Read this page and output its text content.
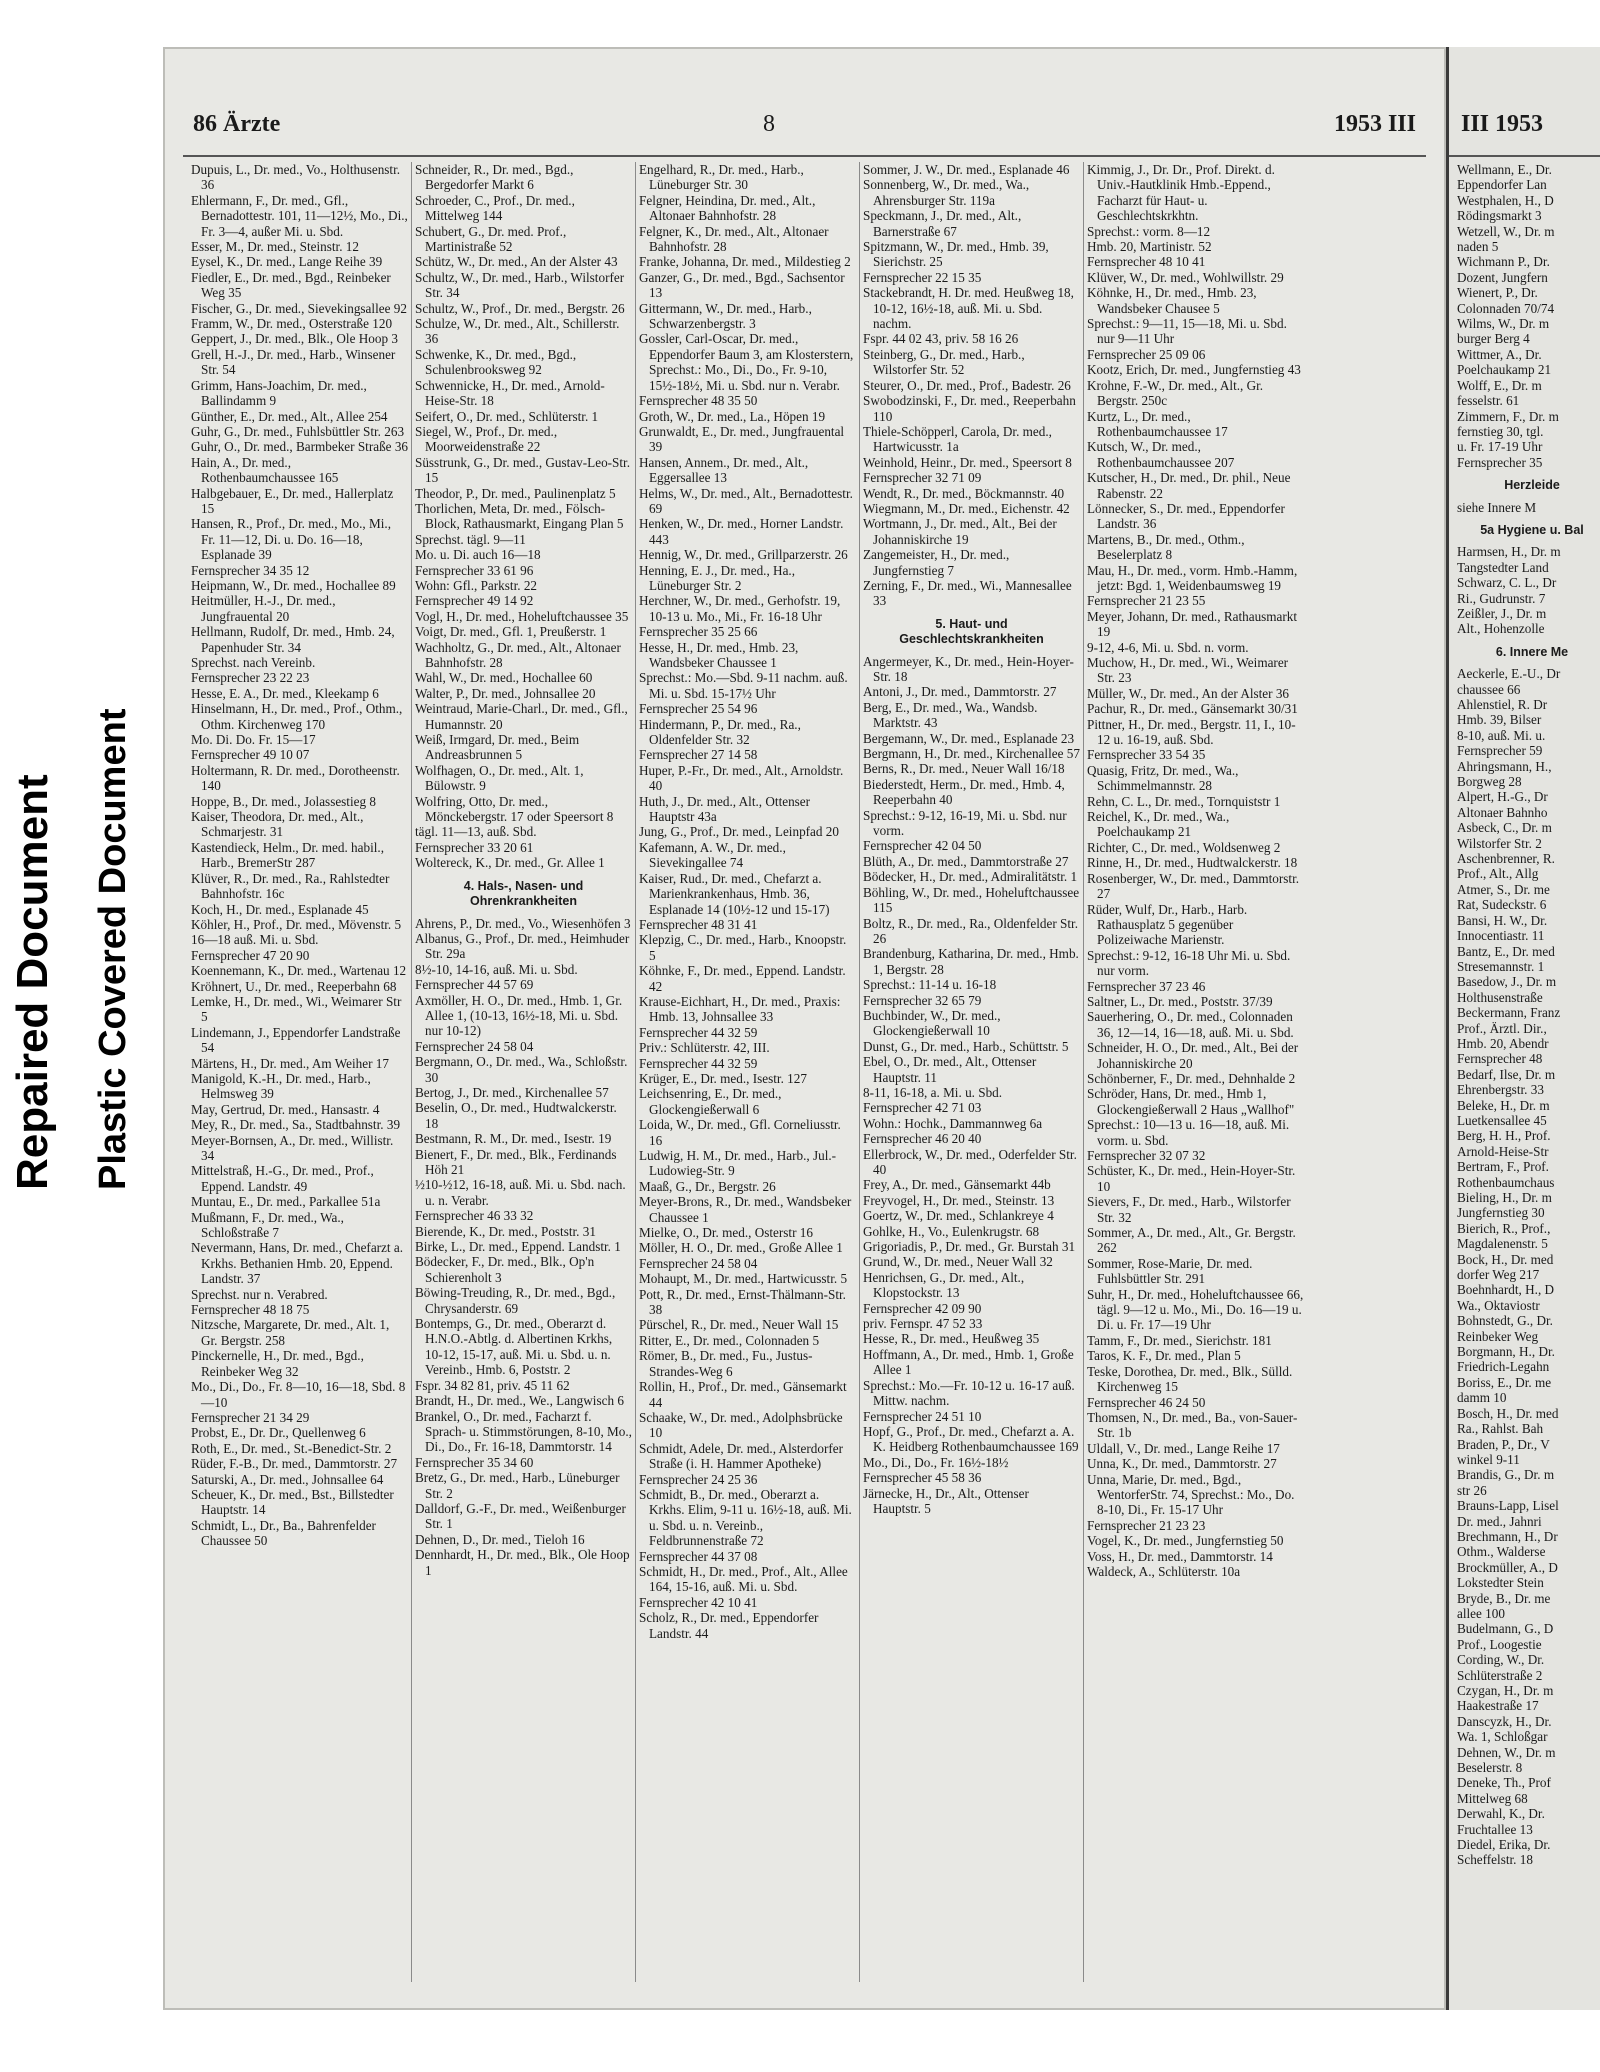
Repaired Document Plastic Covered Document
86 Ärzte	8	1953 III
Dupuis, L., Dr. med., Vo., Holthusenstr. 36
Ehlermann, F., Dr. med., Gfl., Bernadottestr. 101, 11—12½, Mo., Di., Fr. 3—4, außer Mi. u. Sbd.
Esser, M., Dr. med., Steinstr. 12
Eysel, K., Dr. med., Lange Reihe 39
Fiedler, E., Dr. med., Bgd., Reinbeker Weg 35
Fischer, G., Dr. med., Sievekingsallee 92
Framm, W., Dr. med., Osterstraße 120
Geppert, J., Dr. med., Blk., Ole Hoop 3
Grell, H.-J., Dr. med., Harb., Winsener Str. 54
Grimm, Hans-Joachim, Dr. med., Ballindamm 9
Günther, E., Dr. med., Alt., Allee 254
Guhr, G., Dr. med., Fuhlsbüttler Str. 263
Guhr, O., Dr. med., Barmbeker Straße 36
Hain, A., Dr. med., Rothenbaumchaussee 165
Halbgebauer, E., Dr. med., Hallerplatz 15
Hansen, R., Prof., Dr. med., Mo., Mi., Fr. 11—12, Di. u. Do. 16—18, Esplanade 39
Fernsprecher 34 35 12
Heipmann, W., Dr. med., Hochallee 89
Heitmüller, H.-J., Dr. med., Jungfrauental 20
Hellmann, Rudolf, Dr. med., Hmb. 24, Papenhuder Str. 34
Sprechst. nach Vereinb.
Fernsprecher 23 22 23
Hesse, E. A., Dr. med., Kleekamp 6
Hinselmann, H., Dr. med., Prof., Othm., Othm. Kirchenweg 170
Mo. Di. Do. Fr. 15—17
Fernsprecher 49 10 07
Holtermann, R. Dr. med., Dorotheenstr. 140
Hoppe, B., Dr. med., Jolassestieg 8
Kaiser, Theodora, Dr. med., Alt., Schmarjestr. 31
Kastendieck, Helm., Dr. med. habil., Harb., BremerStr 287
Klüver, R., Dr. med., Ra., Rahlstedter Bahnhofstr. 16c
Koch, H., Dr. med., Esplanade 45
Köhler, H., Prof., Dr. med., Mövenstr. 5
16—18 auß. Mi. u. Sbd.
Fernsprecher 47 20 90
Koennemann, K., Dr. med., Wartenau 12
Kröhnert, U., Dr. med., Reeperbahn 68
Lemke, H., Dr. med., Wi., Weimarer Str 5
Lindemann, J., Eppendorfer Landstraße 54
Märtens, H., Dr. med., Am Weiher 17
Manigold, K.-H., Dr. med., Harb., Helmsweg 39
May, Gertrud, Dr. med., Hansastr. 4
Mey, R., Dr. med., Sa., Stadtbahnstr. 39
Meyer-Bornsen, A., Dr. med., Willistr. 34
Mittelstraß, H.-G., Dr. med., Prof., Eppend. Landstr. 49
Muntau, E., Dr. med., Parkallee 51a
Mußmann, F., Dr. med., Wa., Schloßstraße 7
Nevermann, Hans, Dr. med., Chefarzt a. Krkhs. Bethanien Hmb. 20, Eppend. Landstr. 37
Sprechst. nur n. Verabred.
Fernsprecher 48 18 75
Nitzsche, Margarete, Dr. med., Alt. 1, Gr. Bergstr. 258
Pinckernelle, H., Dr. med., Bgd., Reinbeker Weg 32
Mo., Di., Do., Fr. 8—10, 16—18, Sbd. 8—10
Fernsprecher 21 34 29
Probst, E., Dr. Dr., Quellenweg 6
Roth, E., Dr. med., St.-Benedict-Str. 2
Rüder, F.-B., Dr. med., Dammtorstr. 27
Saturski, A., Dr. med., Johnsallee 64
Scheuer, K., Dr. med., Bst., Billstedter Hauptstr. 14
Schmidt, L., Dr., Ba., Bahrenfelder Chaussee 50
Schneider, R., Dr. med., Bgd., Bergedorfer Markt 6
Schroeder, C., Prof., Dr. med., Mittelweg 144
Schubert, G., Dr. med. Prof., Martinistraße 52
Schütz, W., Dr. med., An der Alster 43
Schultz, W., Dr. med., Harb., Wilstorfer Str. 34
Schultz, W., Prof., Dr. med., Bergstr. 26
Schulze, W., Dr. med., Alt., Schillerstr. 36
Schwenke, K., Dr. med., Bgd., Schulenbrooksweg 92
Schwennicke, H., Dr. med., Arnold-Heise-Str. 18
Seifert, O., Dr. med., Schlüterstr. 1
Siegel, W., Prof., Dr. med., Moorweidenstraße 22
Süsstrunk, G., Dr. med., Gustav-Leo-Str. 15
Theodor, P., Dr. med., Paulinenplatz 5
Thorlichen, Meta, Dr. med., Fölsch-Block, Rathausmarkt, Eingang Plan 5
Sprechst. tägl. 9—11
Mo. u. Di. auch 16—18
Fernsprecher 33 61 96
Wohn: Gfl., Parkstr. 22
Fernsprecher 49 14 92
Vogl, H., Dr. med., Hoheluftchaussee 35
Voigt, Dr. med., Gfl. 1, Preußerstr. 1
Wachholtz, G., Dr. med., Alt., Altonaer Bahnhofstr. 28
Wahl, W., Dr. med., Hochallee 60
Walter, P., Dr. med., Johnsallee 20
Weintraud, Marie-Charl., Dr. med., Gfl., Humannstr. 20
Weiß, Irmgard, Dr. med., Beim Andreasbrunnen 5
Wolfhagen, O., Dr. med., Alt. 1, Bülowstr. 9
Wolfring, Otto, Dr. med., Mönckebergstr. 17 oder Speersort 8
tägl. 11—13, auß. Sbd.
Fernsprecher 33 20 61
Woltereck, K., Dr. med., Gr. Allee 1
4. Hals-, Nasen- und Ohrenkrankheiten
Ahrens, P., Dr. med., Vo., Wiesenhöfen 3
Albanus, G., Prof., Dr. med., Heimhuder Str. 29a
8½-10, 14-16, auß. Mi. u. Sbd.
Fernsprecher 44 57 69
Axmöller, H. O., Dr. med., Hmb. 1, Gr. Allee 1, (10-13, 16½-18, Mi. u. Sbd. nur 10-12)
Fernsprecher 24 58 04
Bergmann, O., Dr. med., Wa., Schloßstr. 30
Bertog, J., Dr. med., Kirchenallee 57
Beselin, O., Dr. med., Hudtwalckerstr. 18
Bestmann, R. M., Dr. med., Isestr. 19
Bienert, F., Dr. med., Blk., Ferdinands Höh 21
½10-½12, 16-18, auß. Mi. u. Sbd. nach. u. n. Verabr.
Fernsprecher 46 33 32
Bierende, K., Dr. med., Poststr. 31
Birke, L., Dr. med., Eppend. Landstr. 1
Bödecker, F., Dr. med., Blk., Op'n Schierenholt 3
Böwing-Treuding, R., Dr. med., Bgd., Chrysanderstr. 69
Bontemps, G., Dr. med., Oberarzt d. H.N.O.-Abtlg. d. Albertinen Krkhs, 10-12, 15-17, auß. Mi. u. Sbd. u. n. Vereinb., Hmb. 6, Poststr. 2
Fspr. 34 82 81, priv. 45 11 62
Brandt, H., Dr. med., We., Langwisch 6
Brankel, O., Dr. med., Facharzt f. Sprach- u. Stimmstörungen, 8-10, Mo., Di., Do., Fr. 16-18, Dammtorstr. 14
Fernsprecher 35 34 60
Bretz, G., Dr. med., Harb., Lüneburger Str. 2
Dalldorf, G.-F., Dr. med., Weißenburger Str. 1
Dehnen, D., Dr. med., Tieloh 16
Dennhardt, H., Dr. med., Blk., Ole Hoop 1
Engelhard, R., Dr. med., Harb., Lüneburger Str. 30
Felgner, Heindina, Dr. med., Alt., Altonaer Bahnhofstr. 28
Felgner, K., Dr. med., Alt., Altonaer Bahnhofstr. 28
Franke, Johanna, Dr. med., Mildestieg 2
Ganzer, G., Dr. med., Bgd., Sachsentor 13
Gittermann, W., Dr. med., Harb., Schwarzenbergstr. 3
Gossler, Carl-Oscar, Dr. med., Eppendorfer Baum 3, am Klosterstern, Sprechst.: Mo., Di., Do., Fr. 9-10, 15½-18½, Mi. u. Sbd. nur n. Verabr.
Fernsprecher 48 35 50
Groth, W., Dr. med., La., Höpen 19
Grunwaldt, E., Dr. med., Jungfrauental 39
Hansen, Annem., Dr. med., Alt., Eggersallee 13
Helms, W., Dr. med., Alt., Bernadottestr. 69
Henken, W., Dr. med., Horner Landstr. 443
Hennig, W., Dr. med., Grillparzerstr. 26
Henning, E. J., Dr. med., Ha., Lüneburger Str. 2
Herchner, W., Dr. med., Gerhofstr. 19, 10-13 u. Mo., Mi., Fr. 16-18 Uhr
Fernsprecher 35 25 66
Hesse, H., Dr. med., Hmb. 23, Wandsbeker Chaussee 1
Sprechst.: Mo.—Sbd. 9-11 nachm. auß. Mi. u. Sbd. 15-17½ Uhr
Fernsprecher 25 54 96
Hindermann, P., Dr. med., Ra., Oldenfelder Str. 32
Fernsprecher 27 14 58
Huper, P.-Fr., Dr. med., Alt., Arnoldstr. 40
Huth, J., Dr. med., Alt., Ottenser Hauptstr 43a
Jung, G., Prof., Dr. med., Leinpfad 20
Kafemann, A. W., Dr. med., Sievekingallee 74
Kaiser, Rud., Dr. med., Chefarzt a. Marienkrankenhaus, Hmb. 36, Esplanade 14 (10½-12 und 15-17)
Fernsprecher 48 31 41
Klepzig, C., Dr. med., Harb., Knoopstr. 5
Köhnke, F., Dr. med., Eppend. Landstr. 42
Krause-Eichhart, H., Dr. med., Praxis: Hmb. 13, Johnsallee 33
Fernsprecher 44 32 59
Priv.: Schlüterstr. 42, III.
Fernsprecher 44 32 59
Krüger, E., Dr. med., Isestr. 127
Leichsenring, E., Dr. med., Glockengießerwall 6
Loida, W., Dr. med., Gfl. Corneliusstr. 16
Ludwig, H. M., Dr. med., Harb., Jul.-Ludowieg-Str. 9
Maaß, G., Dr., Bergstr. 26
Meyer-Brons, R., Dr. med., Wandsbeker Chaussee 1
Mielke, O., Dr. med., Osterstr 16
Möller, H. O., Dr. med., Große Allee 1
Fernsprecher 24 58 04
Mohaupt, M., Dr. med., Hartwicusstr. 5
Pott, R., Dr. med., Ernst-Thälmann-Str. 38
Pürschel, R., Dr. med., Neuer Wall 15
Ritter, E., Dr. med., Colonnaden 5
Römer, B., Dr. med., Fu., Justus-Strandes-Weg 6
Rollin, H., Prof., Dr. med., Gänsemarkt 44
Schaake, W., Dr. med., Adolphsbrücke 10
Schmidt, Adele, Dr. med., Alsterdorfer Straße (i. H. Hammer Apotheke)
Fernsprecher 24 25 36
Schmidt, B., Dr. med., Oberarzt a. Krkhs. Elim, 9-11 u. 16½-18, auß. Mi. u. Sbd. u. n. Vereinb., Feldbrunnenstraße 72
Fernsprecher 44 37 08
Schmidt, H., Dr. med., Prof., Alt., Allee 164, 15-16, auß. Mi. u. Sbd.
Fernsprecher 42 10 41
Scholz, R., Dr. med., Eppendorfer Landstr. 44
Sommer, J. W., Dr. med., Esplanade 46
Sonnenberg, W., Dr. med., Wa., Ahrensburger Str. 119a
Speckmann, J., Dr. med., Alt., Barnerstraße 67
Spitzmann, W., Dr. med., Hmb. 39, Sierichstr. 25
Fernsprecher 22 15 35
Stackebrandt, H. Dr. med. Heußweg 18, 10-12, 16½-18, auß. Mi. u. Sbd. nachm.
Fspr. 44 02 43, priv. 58 16 26
Steinberg, G., Dr. med., Harb., Wilstorfer Str. 52
Steurer, O., Dr. med., Prof., Badestr. 26
Swobodzinski, F., Dr. med., Reeperbahn 110
Thiele-Schöpperl, Carola, Dr. med., Hartwicusstr. 1a
Weinhold, Heinr., Dr. med., Speersort 8
Fernsprecher 32 71 09
Wendt, R., Dr. med., Böckmannstr. 40
Wiegmann, M., Dr. med., Eichenstr. 42
Wortmann, J., Dr. med., Alt., Bei der Johanniskirche 19
Zangemeister, H., Dr. med., Jungfernstieg 7
Zerning, F., Dr. med., Wi., Mannesallee 33
5. Haut- und Geschlechtskrankheiten
Angermeyer, K., Dr. med., Hein-Hoyer-Str. 18
Antoni, J., Dr. med., Dammtorstr. 27
Berg, E., Dr. med., Wa., Wandsb. Marktstr. 43
Bergemann, W., Dr. med., Esplanade 23
Bergmann, H., Dr. med., Kirchenallee 57
Berns, R., Dr. med., Neuer Wall 16/18
Biederstedt, Herm., Dr. med., Hmb. 4, Reeperbahn 40
Sprechst.: 9-12, 16-19, Mi. u. Sbd. nur vorm.
Fernsprecher 42 04 50
Blüth, A., Dr. med., Dammtorstraße 27
Bödecker, H., Dr. med., Admiralitätstr. 1
Böhling, W., Dr. med., Hoheluftchaussee 115
Boltz, R., Dr. med., Ra., Oldenfelder Str. 26
Brandenburg, Katharina, Dr. med., Hmb. 1, Bergstr. 28
Sprechst.: 11-14 u. 16-18
Fernsprecher 32 65 79
Buchbinder, W., Dr. med., Glockengießerwall 10
Dunst, G., Dr. med., Harb., Schüttstr. 5
Ebel, O., Dr. med., Alt., Ottenser Hauptstr. 11
8-11, 16-18, a. Mi. u. Sbd.
Fernsprecher 42 71 03
Wohn.: Hochk., Dammannweg 6a
Fernsprecher 46 20 40
Ellerbrock, W., Dr. med., Oderfelder Str. 40
Frey, A., Dr. med., Gänsemarkt 44b
Freyvogel, H., Dr. med., Steinstr. 13
Goertz, W., Dr. med., Schlankreye 4
Gohlke, H., Vo., Eulenkrugstr. 68
Grigoriadis, P., Dr. med., Gr. Burstah 31
Grund, W., Dr. med., Neuer Wall 32
Henrichsen, G., Dr. med., Alt., Klopstockstr. 13
Fernsprecher 42 09 90
priv. Fernspr. 47 52 33
Hesse, R., Dr. med., Heußweg 35
Hoffmann, A., Dr. med., Hmb. 1, Große Allee 1
Sprechst.: Mo.—Fr. 10-12 u. 16-17 auß. Mittw. nachm.
Fernsprecher 24 51 10
Hopf, G., Prof., Dr. med., Chefarzt a. A. K. Heidberg Rothenbaumchaussee 169
Mo., Di., Do., Fr. 16½-18½
Fernsprecher 45 58 36
Järnecke, H., Dr., Alt., Ottenser Hauptstr. 5
Kimmig, J., Dr. Dr., Prof. Direkt. d. Univ.-Hautklinik Hmb.-Eppend., Facharzt für Haut- u. Geschlechtskrkhtn.
Sprechst.: vorm. 8—12
Hmb. 20, Martinistr. 52
Fernsprecher 48 10 41
Klüver, W., Dr. med., Wohlwillstr. 29
Köhnke, H., Dr. med., Hmb. 23, Wandsbeker Chausee 5
Sprechst.: 9—11, 15—18, Mi. u. Sbd. nur 9—11 Uhr
Fernsprecher 25 09 06
Kootz, Erich, Dr. med., Jungfernstieg 43
Krohne, F.-W., Dr. med., Alt., Gr. Bergstr. 250c
Kurtz, L., Dr. med., Rothenbaumchaussee 17
Kutsch, W., Dr. med., Rothenbaumchaussee 207
Kutscher, H., Dr. med., Dr. phil., Neue Rabenstr. 22
Lönnecker, S., Dr. med., Eppendorfer Landstr. 36
Martens, B., Dr. med., Othm., Beselerplatz 8
Mau, H., Dr. med., vorm. Hmb.-Hamm, jetzt: Bgd. 1, Weidenbaumsweg 19
Fernsprecher 21 23 55
Meyer, Johann, Dr. med., Rathausmarkt 19
9-12, 4-6, Mi. u. Sbd. n. vorm.
Muchow, H., Dr. med., Wi., Weimarer Str. 23
Müller, W., Dr. med., An der Alster 36
Pachur, R., Dr. med., Gänsemarkt 30/31
Pittner, H., Dr. med., Bergstr. 11, I., 10-12 u. 16-19, auß. Sbd.
Fernsprecher 33 54 35
Quasig, Fritz, Dr. med., Wa., Schimmelmannstr. 28
Rehn, C. L., Dr. med., Tornquiststr 1
Reichel, K., Dr. med., Wa., Poelchaukamp 21
Richter, C., Dr. med., Woldsenweg 2
Rinne, H., Dr. med., Hudtwalckerstr. 18
Rosenberger, W., Dr. med., Dammtorstr. 27
Rüder, Wulf, Dr., Harb., Harb. Rathausplatz 5 gegenüber Polizeiwache Marienstr.
Sprechst.: 9-12, 16-18 Uhr Mi. u. Sbd. nur vorm.
Fernsprecher 37 23 46
Saltner, L., Dr. med., Poststr. 37/39
Sauerhering, O., Dr. med., Colonnaden 36, 12—14, 16—18, auß. Mi. u. Sbd.
Schneider, H. O., Dr. med., Alt., Bei der Johanniskirche 20
Schönberner, F., Dr. med., Dehnhalde 2
Schröder, Hans, Dr. med., Hmb 1, Glockengießerwall 2 Haus „Wallhof"
Sprechst.: 10—13 u. 16—18, auß. Mi. vorm. u. Sbd.
Fernsprecher 32 07 32
Schüster, K., Dr. med., Hein-Hoyer-Str. 10
Sievers, F., Dr. med., Harb., Wilstorfer Str. 32
Sommer, A., Dr. med., Alt., Gr. Bergstr. 262
Sommer, Rose-Marie, Dr. med. Fuhlsbüttler Str. 291
Suhr, H., Dr. med., Hoheluftchaussee 66, tägl. 9—12 u. Mo., Mi., Do. 16—19 u. Di. u. Fr. 17—19 Uhr
Tamm, F., Dr. med., Sierichstr. 181
Taros, K. F., Dr. med., Plan 5
Teske, Dorothea, Dr. med., Blk., Sülld. Kirchenweg 15
Fernsprecher 46 24 50
Thomsen, N., Dr. med., Ba., von-Sauer-Str. 1b
Uldall, V., Dr. med., Lange Reihe 17
Unna, K., Dr. med., Dammtorstr. 27
Unna, Marie, Dr. med., Bgd., WentorferStr. 74, Sprechst.: Mo., Do. 8-10, Di., Fr. 15-17 Uhr
Fernsprecher 21 23 23
Vogel, K., Dr. med., Jungfernstieg 50
Voss, H., Dr. med., Dammtorstr. 14
Waldeck, A., Schlüterstr. 10a
III 1953
Wellmann, E., Dr.
Eppendorfer Lan
Westphalen, H., D
Rödingsmarkt 3
Wetzell, W., Dr. m
naden 5
Wichmann P., Dr.
Dozent, Jungfern
Wienert, P., Dr.
Colonnaden 70/74
Wilms, W., Dr. m
burger Berg 4
Wittmer, A., Dr.
Poelchaukamp 21
Wolff, E., Dr. m
fesselstr. 61
Zimmern, F., Dr. m
fernstieg 30, tgl.
u. Fr. 17-19 Uhr
Fernsprecher 35
Herzleide
siehe Innere M
5a Hygiene u. Bal
Harmsen, H., Dr. m
Tangstedter Land
Schwarz, C. L., Dr
Ri., Gudrunstr. 7
Zeißler, J., Dr. m
Alt., Hohenzolle
6. Innere Me
Aeckerle, E.-U., Dr
chaussee 66
Ahlenstiel, R. Dr
Hmb. 39, Bilser
8-10, auß. Mi. u.
Fernsprecher 59
Ahringsmann, H.,
Borgweg 28
Alpert, H.-G., Dr
Altonaer Bahnho
Asbeck, C., Dr. m
Wilstorfer Str. 2
Aschenbrenner, R.
Prof., Alt., Allg
Atmer, S., Dr. me
Rat, Sudeckstr. 6
Bansi, H. W., Dr.
Innocentiastr. 11
Bantz, E., Dr. med
Stresemannstr. 1
Basedow, J., Dr. m
Holthusenstraße
Beckermann, Franz
Prof., Ärztl. Dir.,
Hmb. 20, Abendr
Fernsprecher 48
Bedarf, Ilse, Dr. m
Ehrenbergstr. 33
Beleke, H., Dr. m
Luetkensallee 45
Berg, H. H., Prof.
Arnold-Heise-Str
Bertram, F., Prof.
Rothenbaumchaus
Bieling, H., Dr. m
Jungfernstieg 30
Bierich, R., Prof.,
Magdalenenstr. 5
Bock, H., Dr. med
dorfer Weg 217
Boehnhardt, H., D
Wa., Oktaviostr
Bohnstedt, G., Dr.
Reinbeker Weg
Borgmann, H., Dr.
Friedrich-Legahn
Boriss, E., Dr. me
damm 10
Bosch, H., Dr. med
Ra., Rahlst. Bah
Braden, P., Dr., V
winkel 9-11
Brandis, G., Dr. m
str 26
Brauns-Lapp, Lisel
Dr. med., Jahnri
Brechmann, H., Dr
Othm., Walderse
Brockmüller, A., D
Lokstedter Stein
Bryde, B., Dr. me
allee 100
Budelmann, G., D
Prof., Loogestie
Cording, W., Dr.
Schlüterstraße 2
Czygan, H., Dr. m
Haakestraße 17
Danscyzk, H., Dr.
Wa. 1, Schloßgar
Dehnen, W., Dr. m
Beselerstr. 8
Deneke, Th., Prof
Mittelweg 68
Derwahl, K., Dr.
Fruchtallee 13
Diedel, Erika, Dr.
Scheffelstr. 18
